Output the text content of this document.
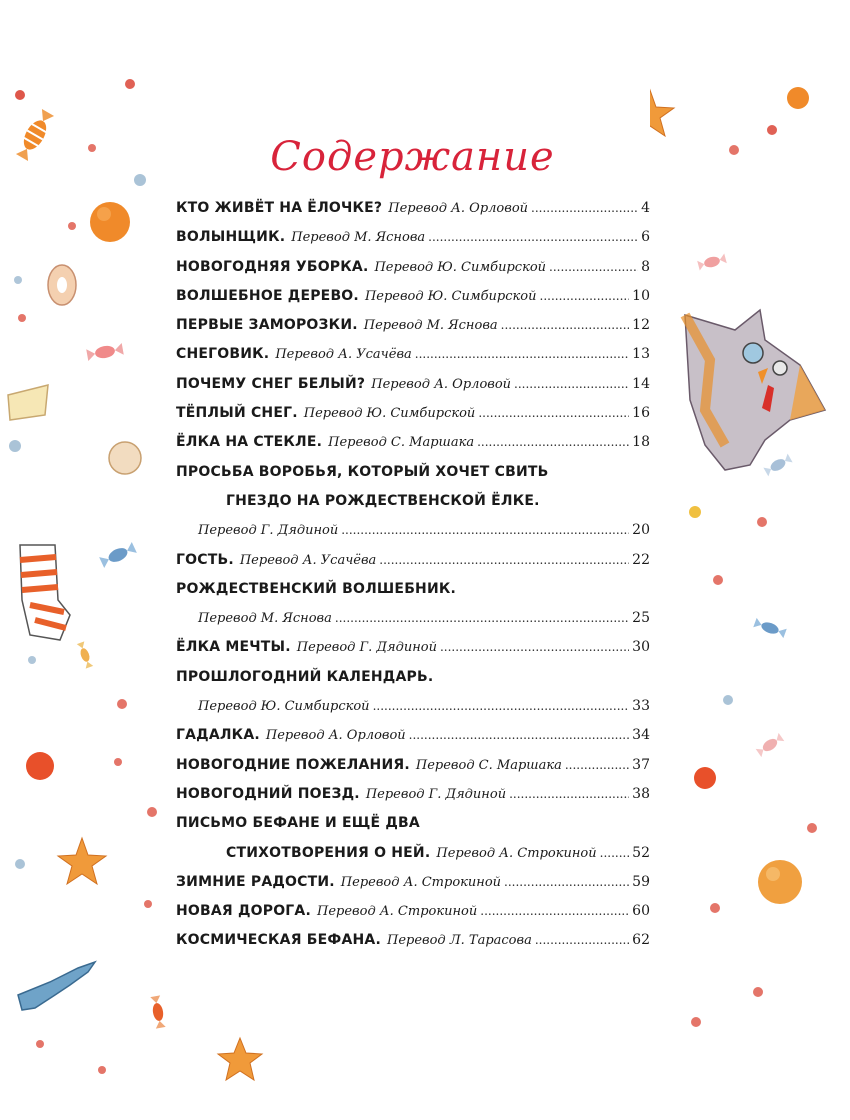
Содержание
КТО ЖИВЁТ НА ЁЛОЧКЕ? Перевод А. Орловой .....	4
ВОЛЫНЩИК. Перевод М. Яснова .....	6
НОВОГОДНЯЯ УБОРКА. Перевод Ю. Симбирской .....	8
ВОЛШЕБНОЕ ДЕРЕВО. Перевод Ю. Симбирской .....	10
ПЕРВЫЕ ЗАМОРОЗКИ. Перевод М. Яснова .....	12
СНЕГОВИК. Перевод А. Усачёва .....	13
ПОЧЕМУ СНЕГ БЕЛЫЙ? Перевод А. Орловой .....	14
ТЁПЛЫЙ СНЕГ. Перевод Ю. Симбирской .....	16
ЁЛКА НА СТЕКЛЕ. Перевод С. Маршака .....	18
ПРОСЬБА ВОРОБЬЯ, КОТОРЫЙ ХОЧЕТ СВИТЬ
ГНЕЗДО НА РОЖДЕСТВЕНСКОЙ ЁЛКЕ.
Перевод Г. Дядиной .....	20
ГОСТЬ. Перевод А. Усачёва .....	22
РОЖДЕСТВЕНСКИЙ ВОЛШЕБНИК.
Перевод М. Яснова .....	25
ЁЛКА МЕЧТЫ. Перевод Г. Дядиной .....	30
ПРОШЛОГОДНИЙ КАЛЕНДАРЬ.
Перевод Ю. Симбирской .....	33
ГАДАЛКА. Перевод А. Орловой .....	34
НОВОГОДНИЕ ПОЖЕЛАНИЯ. Перевод С. Маршака .....	37
НОВОГОДНИЙ ПОЕЗД. Перевод Г. Дядиной .....	38
ПИСЬМО БЕФАНЕ И ЕЩЁ ДВА
СТИХОТВОРЕНИЯ О НЕЙ. Перевод А. Строкиной .....	52
ЗИМНИЕ РАДОСТИ. Перевод А. Строкиной .....	59
НОВАЯ ДОРОГА. Перевод А. Строкиной .....	60
КОСМИЧЕСКАЯ БЕФАНА. Перевод Л. Тарасова .....	62
